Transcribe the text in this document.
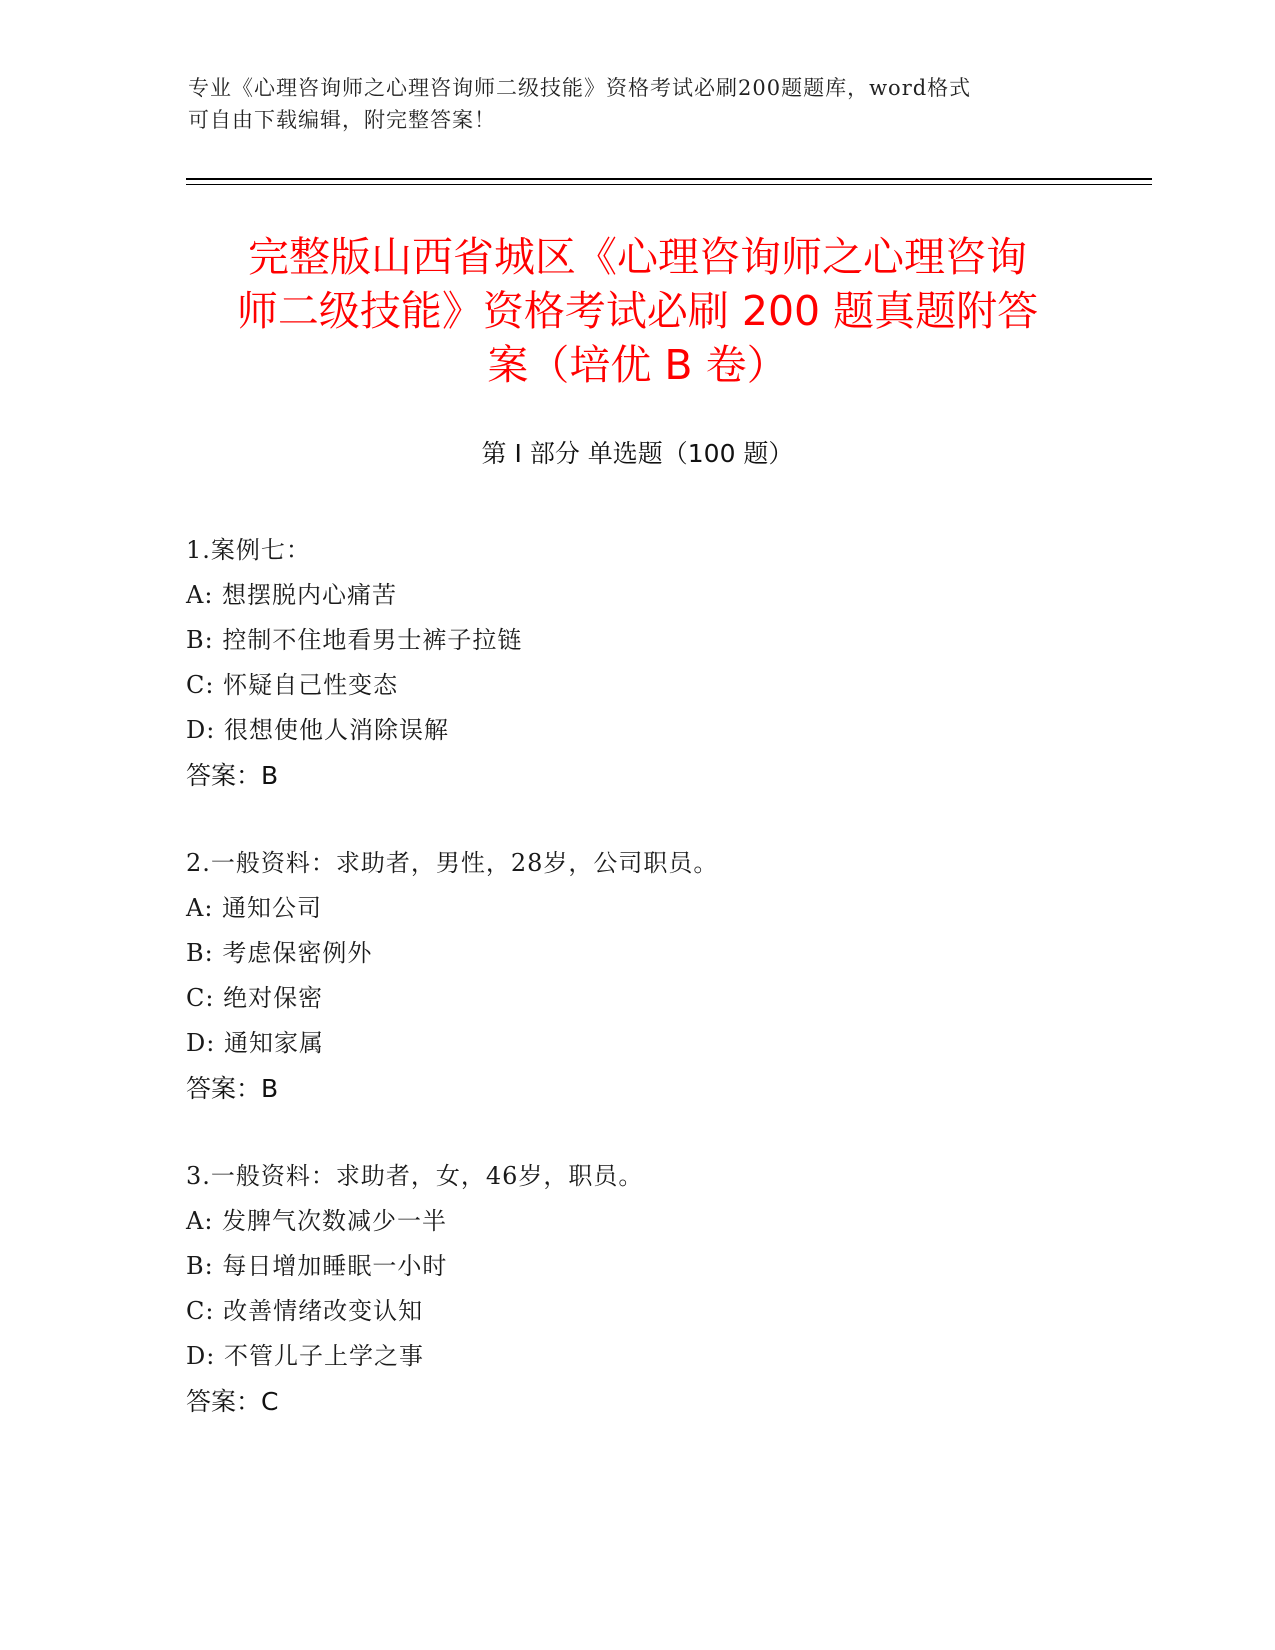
专业《心理咨询师之心理咨询师二级技能》资格考试必刷200题题库，word格式
可自由下载编辑，附完整答案！
完整版山西省城区《心理咨询师之心理咨询
师二级技能》资格考试必刷 200 题真题附答
案（培优 B 卷）
第 I 部分 单选题（100 题）
1.案例七：
A: 想摆脱内心痛苦
B: 控制不住地看男士裤子拉链
C: 怀疑自己性变态
D: 很想使他人消除误解
答案：B
2.一般资料：求助者，男性，28岁，公司职员。
A: 通知公司
B: 考虑保密例外
C: 绝对保密
D: 通知家属
答案：B
3.一般资料：求助者，女，46岁，职员。
A: 发脾气次数减少一半
B: 每日增加睡眠一小时
C: 改善情绪改变认知
D: 不管儿子上学之事
答案：C
